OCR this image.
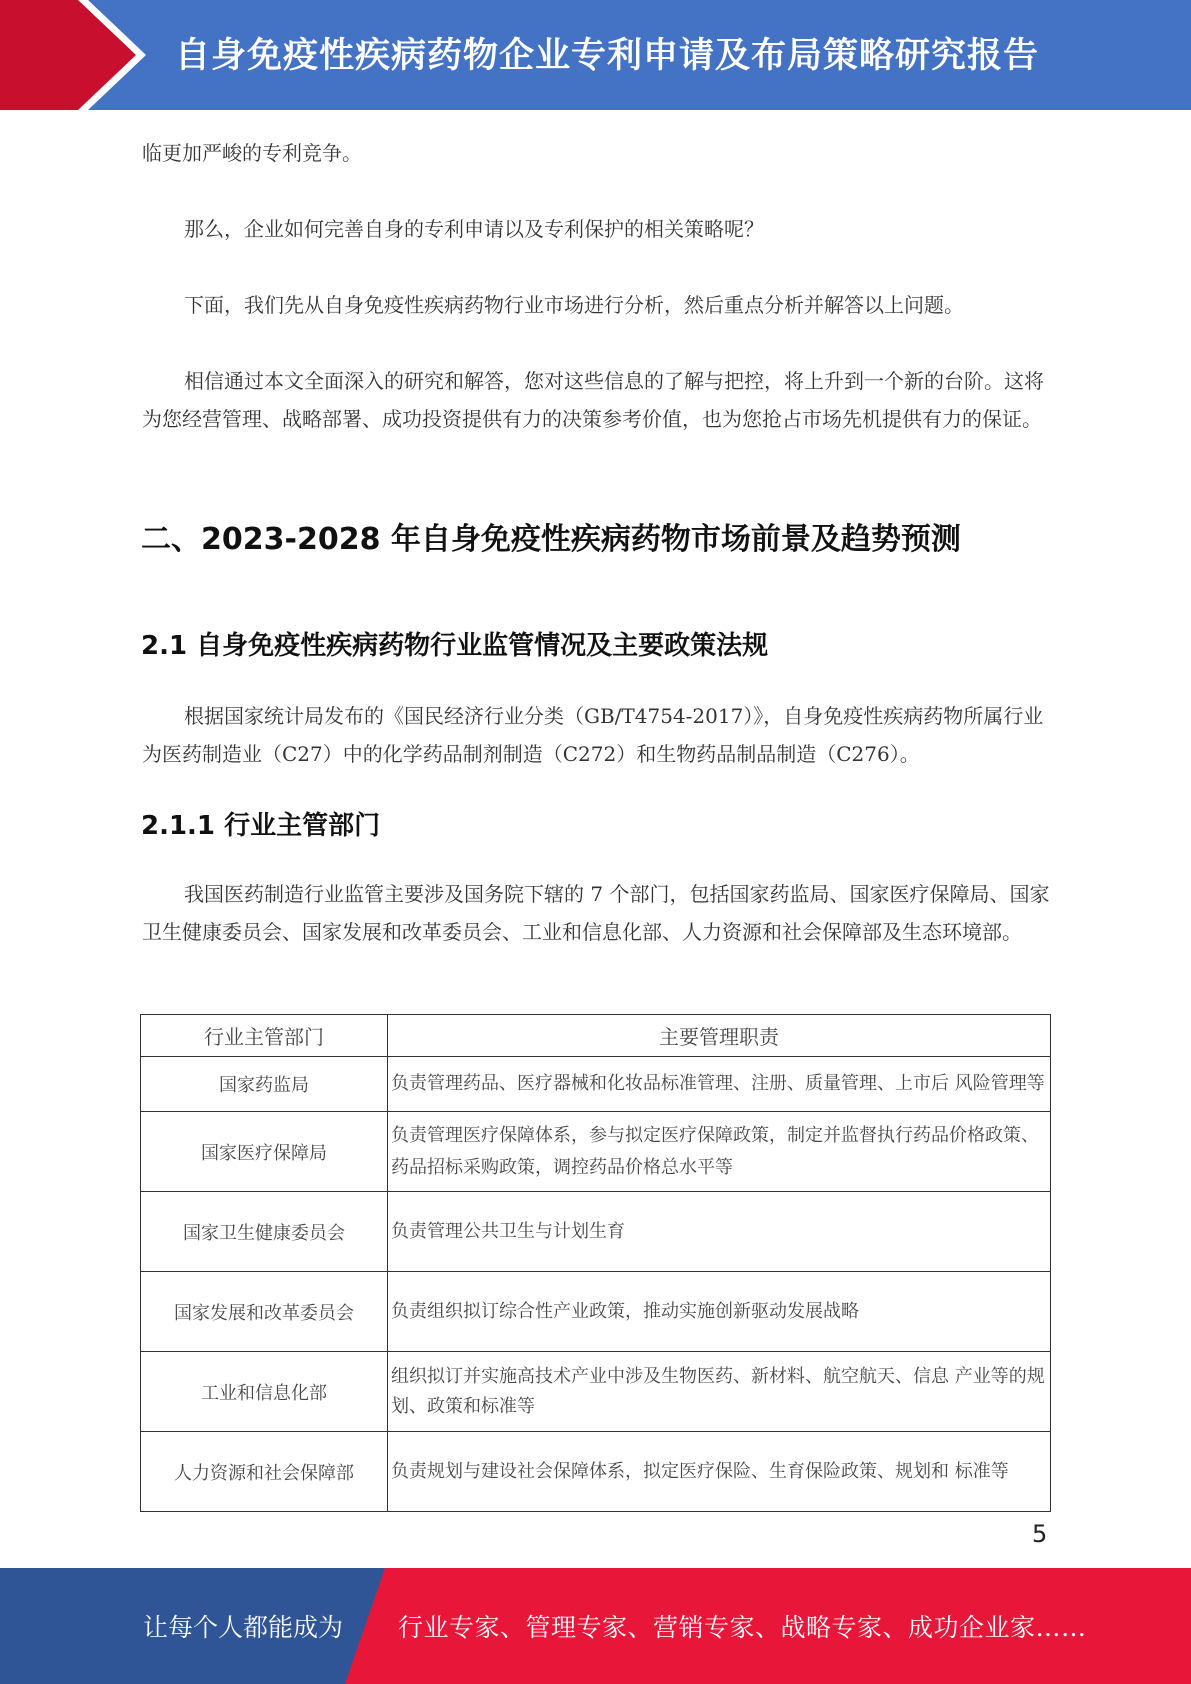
自身免疫性疾病药物企业专利申请及布局策略研究报告

临更加严峻的专利竞争。

那么，企业如何完善自身的专利申请以及专利保护的相关策略呢？

下面，我们先从自身免疫性疾病药物行业市场进行分析，然后重点分析并解答以上问题。

相信通过本文全面深入的研究和解答，您对这些信息的了解与把控，将上升到一个新的台阶。这将为您经营管理、战略部署、成功投资提供有力的决策参考价值，也为您抢占市场先机提供有力的保证。

二、2023-2028 年自身免疫性疾病药物市场前景及趋势预测
2.1 自身免疫性疾病药物行业监管情况及主要政策法规

根据国家统计局发布的《国民经济行业分类（GB/T4754-2017）》，自身免疫性疾病药物所属行业为医药制造业（C27）中的化学药品制剂制造（C272）和生物药品制品制造（C276）。

2.1.1 行业主管部门

我国医药制造行业监管主要涉及国务院下辖的 7 个部门，包括国家药监局、国家医疗保障局、国家卫生健康委员会、国家发展和改革委员会、工业和信息化部、人力资源和社会保障部及生态环境部。

行业主管部门	主要管理职责
国家药监局	负责管理药品、医疗器械和化妆品标准管理、注册、质量管理、上市后 风险管理等
国家医疗保障局	负责管理医疗保障体系，参与拟定医疗保障政策，制定并监督执行药品价格政策、药品招标采购政策，调控药品价格总水平等
国家卫生健康委员会	负责管理公共卫生与计划生育
国家发展和改革委员会	负责组织拟订综合性产业政策，推动实施创新驱动发展战略
工业和信息化部	组织拟订并实施高技术产业中涉及生物医药、新材料、航空航天、信息 产业等的规划、政策和标准等
人力资源和社会保障部	负责规划与建设社会保障体系，拟定医疗保险、生育保险政策、规划和 标准等
5
让每个人都能成为 行业专家、管理专家、营销专家、战略专家、成功企业家……
